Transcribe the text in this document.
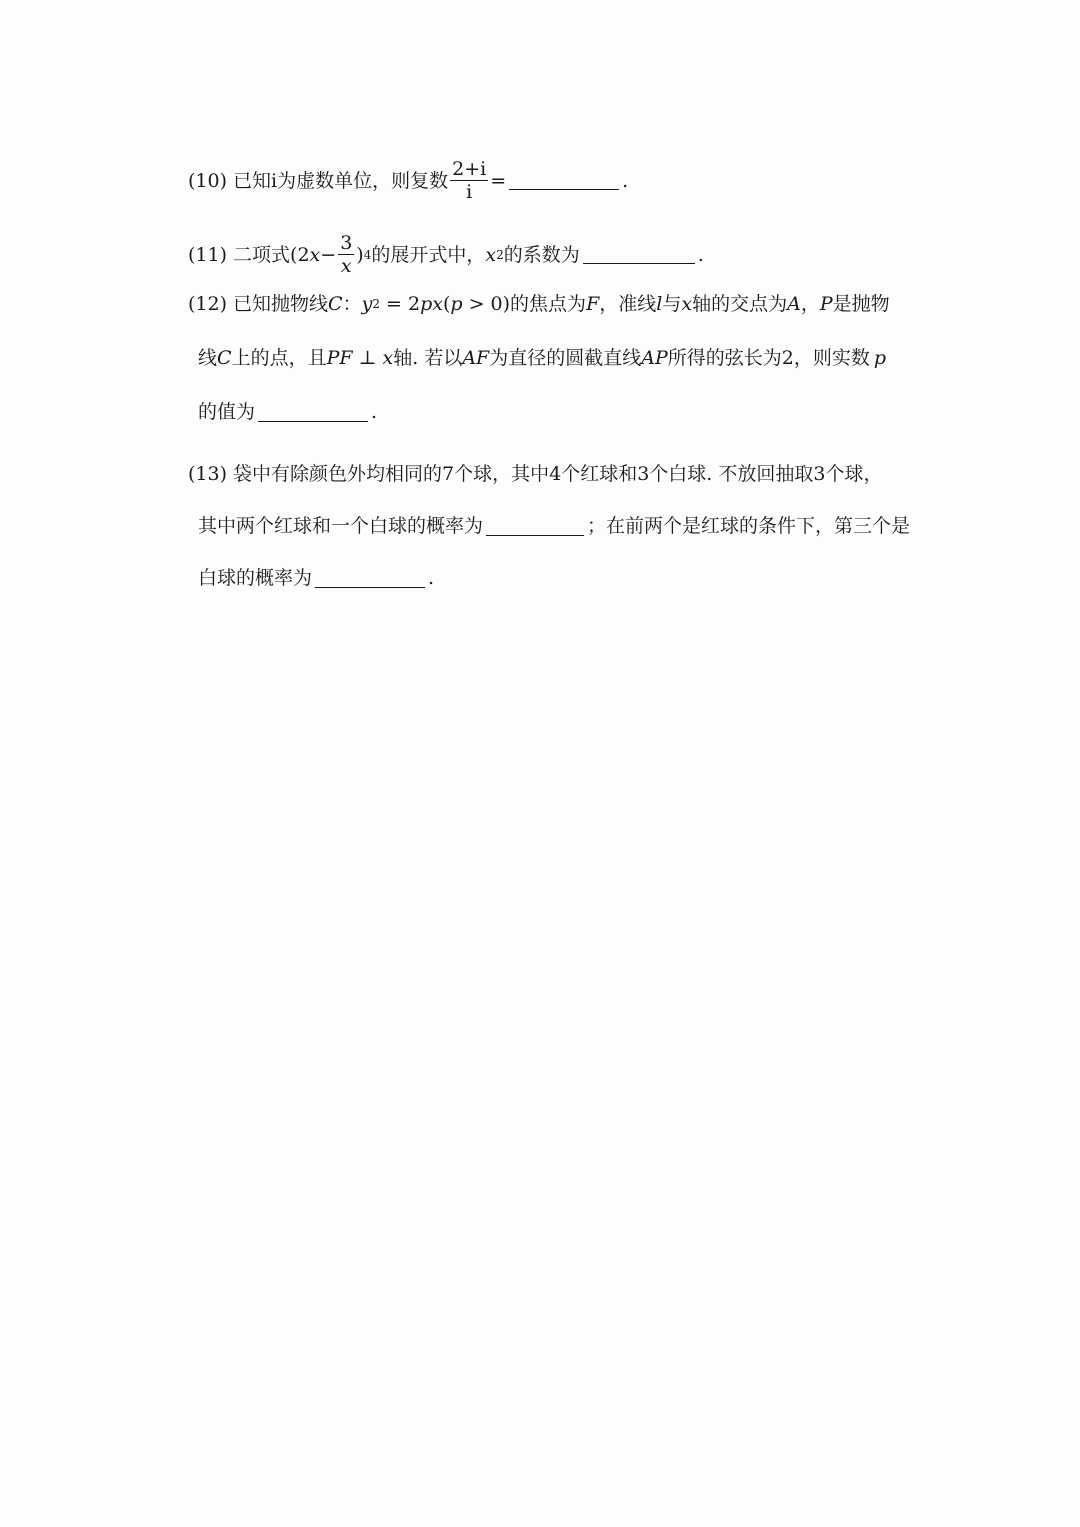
(10) 已知 i 为虚数单位，则复数 $\frac{2+i}{i}$ =	.
(11) 二项式 (2 $x - \frac{3}{x}$ ) 4 的展开式中， x 2 的系数为	.
(12) 已知抛物线 C ： y 2 = 2 px ( p > 0) 的焦点为 F ，准线 l 与 x 轴的交点为 A ， P 是抛物
线 C 上的点，且 PF ⊥ x 轴. 若以 AF 为直径的圆截直线 AP 所得的弦长为2，则实数 p
的值为	.
(13) 袋中有除颜色外均相同的7个球，其中4个红球和3个白球. 不放回抽取3个球，
其中两个红球和一个白球的概率为	；在前两个是红球的条件下，第三个是
白球的概率为	.
